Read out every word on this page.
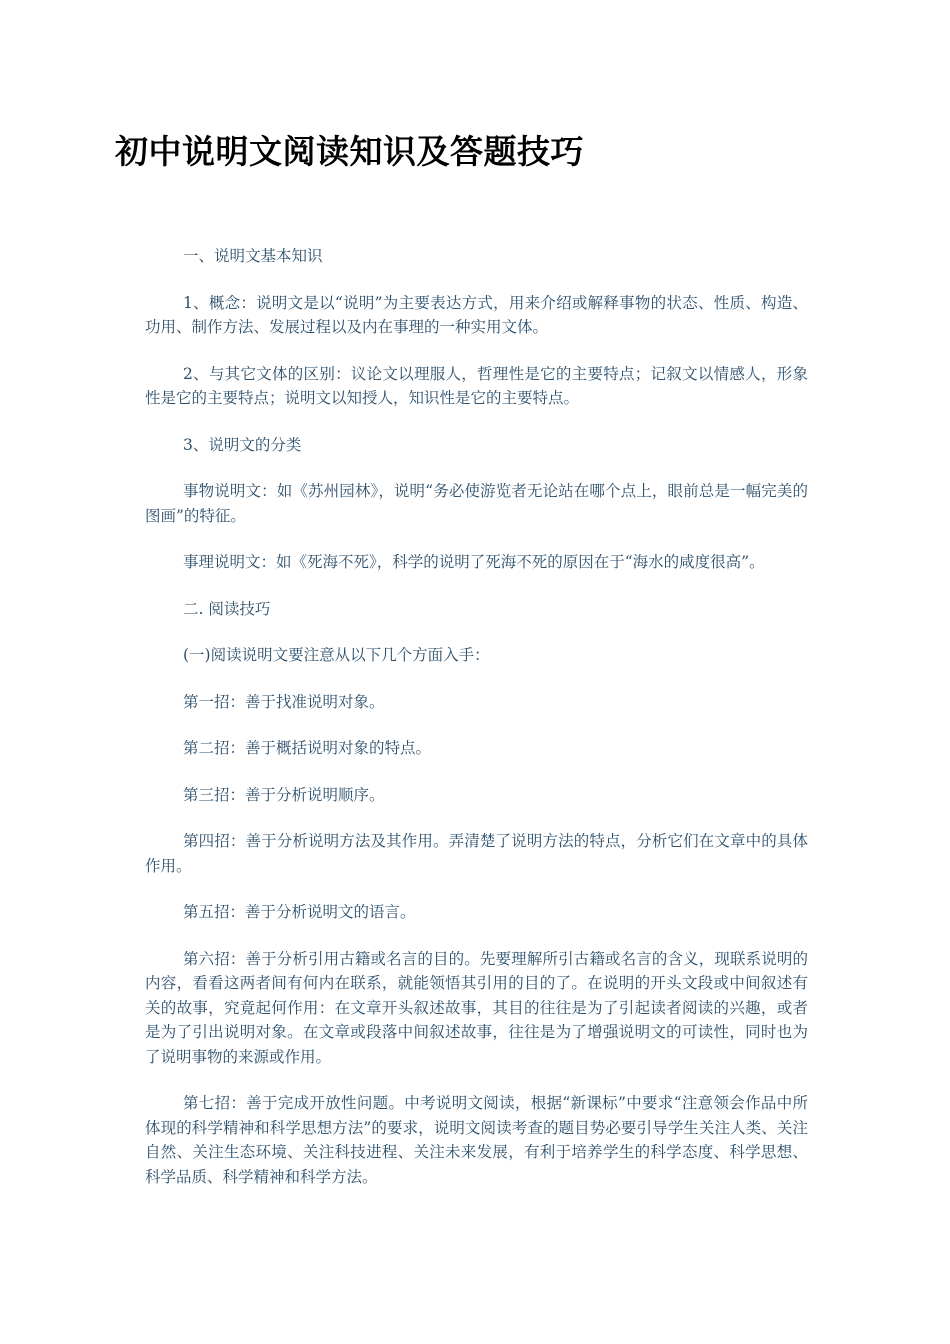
初中说明文阅读知识及答题技巧

一、说明文基本知识

1、概念：说明文是以“说明”为主要表达方式，用来介绍或解释事物的状态、性质、构造、功用、制作方法、发展过程以及内在事理的一种实用文体。

2、与其它文体的区别：议论文以理服人，哲理性是它的主要特点；记叙文以情感人，形象性是它的主要特点；说明文以知授人，知识性是它的主要特点。

3、说明文的分类

事物说明文：如《苏州园林》，说明“务必使游览者无论站在哪个点上，眼前总是一幅完美的图画”的特征。

事理说明文：如《死海不死》，科学的说明了死海不死的原因在于“海水的咸度很高”。

二. 阅读技巧

(一)阅读说明文要注意从以下几个方面入手：

第一招：善于找准说明对象。

第二招：善于概括说明对象的特点。

第三招：善于分析说明顺序。

第四招：善于分析说明方法及其作用。弄清楚了说明方法的特点，分析它们在文章中的具体作用。

第五招：善于分析说明文的语言。

第六招：善于分析引用古籍或名言的目的。先要理解所引古籍或名言的含义，现联系说明的内容，看看这两者间有何内在联系，就能领悟其引用的目的了。在说明的开头文段或中间叙述有关的故事，究竟起何作用：在文章开头叙述故事，其目的往往是为了引起读者阅读的兴趣，或者是为了引出说明对象。在文章或段落中间叙述故事，往往是为了增强说明文的可读性，同时也为了说明事物的来源或作用。

第七招：善于完成开放性问题。中考说明文阅读，根据“新课标”中要求“注意领会作品中所体现的科学精神和科学思想方法”的要求，说明文阅读考查的题目势必要引导学生关注人类、关注自然、关注生态环境、关注科技进程、关注未来发展，有利于培养学生的科学态度、科学思想、科学品质、科学精神和科学方法。
